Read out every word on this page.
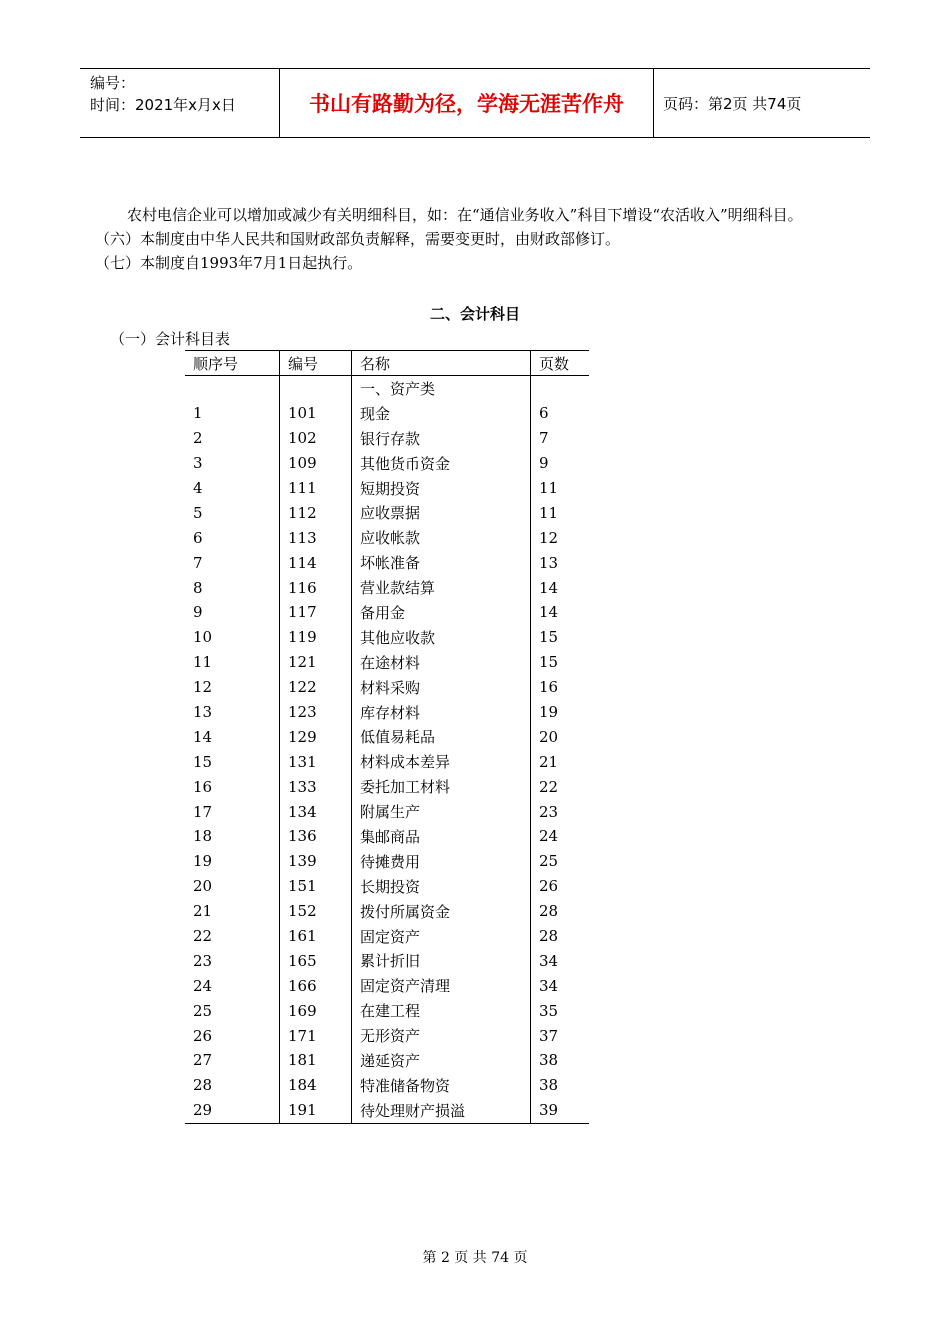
编号：
时间：2021年x月x日	书山有路勤为径，学海无涯苦作舟	页码：第2页 共74页

农村电信企业可以增加或减少有关明细科目，如：在“通信业务收入”科目下增设“农活收入”明细科目。

（六）本制度由中华人民共和国财政部负责解释，需要变更时，由财政部修订。

（七）本制度自1993年7月1日起执行。

二、会计科目
（一）会计科目表
顺序号	编号	名称	页数
		一、资产类	
1	101	现金	6
2	102	银行存款	7
3	109	其他货币资金	9
4	111	短期投资	11
5	112	应收票据	11
6	113	应收帐款	12
7	114	坏帐准备	13
8	116	营业款结算	14
9	117	备用金	14
10	119	其他应收款	15
11	121	在途材料	15
12	122	材料采购	16
13	123	库存材料	19
14	129	低值易耗品	20
15	131	材料成本差异	21
16	133	委托加工材料	22
17	134	附属生产	23
18	136	集邮商品	24
19	139	待摊费用	25
20	151	长期投资	26
21	152	拨付所属资金	28
22	161	固定资产	28
23	165	累计折旧	34
24	166	固定资产清理	34
25	169	在建工程	35
26	171	无形资产	37
27	181	递延资产	38
28	184	特准储备物资	38
29	191	待处理财产损溢	39
第 2 页 共 74 页
